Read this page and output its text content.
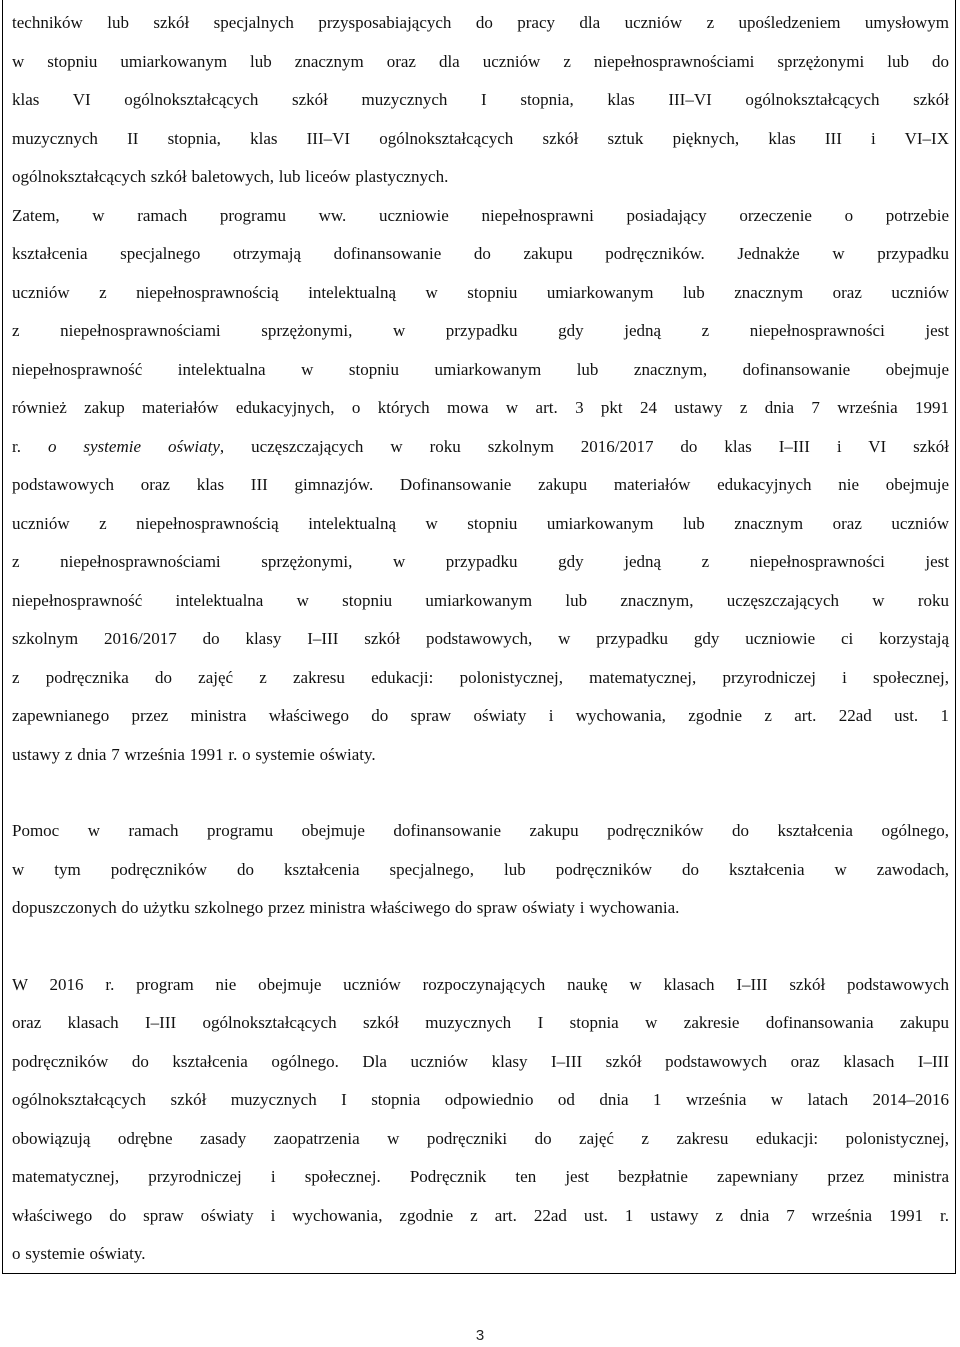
techników lub szkół specjalnych przysposabiających do pracy dla uczniów z upośledzeniem umysłowym
w stopniu umiarkowanym lub znacznym oraz dla uczniów z niepełnosprawnościami sprzężonymi lub do
klas VI ogólnokształcących szkół muzycznych I stopnia, klas III–VI ogólnokształcących szkół
muzycznych II stopnia, klas III–VI ogólnokształcących szkół sztuk pięknych, klas III i VI–IX
ogólnokształcących szkół baletowych, lub liceów plastycznych.
Zatem, w ramach programu ww. uczniowie niepełnosprawni posiadający orzeczenie o potrzebie
kształcenia specjalnego otrzymają dofinansowanie do zakupu podręczników. Jednakże w przypadku
uczniów z niepełnosprawnością intelektualną w stopniu umiarkowanym lub znacznym oraz uczniów
z niepełnosprawnościami sprzężonymi, w przypadku gdy jedną z niepełnosprawności jest
niepełnosprawność intelektualna w stopniu umiarkowanym lub znacznym, dofinansowanie obejmuje
również zakup materiałów edukacyjnych, o których mowa w art. 3 pkt 24 ustawy z dnia 7 września 1991
r. o systemie oświaty, uczęszczających w roku szkolnym 2016/2017 do klas I–III i VI szkół
podstawowych oraz klas III gimnazjów. Dofinansowanie zakupu materiałów edukacyjnych nie obejmuje
uczniów z niepełnosprawnością intelektualną w stopniu umiarkowanym lub znacznym oraz uczniów
z niepełnosprawnościami sprzężonymi, w przypadku gdy jedną z niepełnosprawności jest
niepełnosprawność intelektualna w stopniu umiarkowanym lub znacznym, uczęszczających w roku
szkolnym 2016/2017 do klasy I–III szkół podstawowych, w przypadku gdy uczniowie ci korzystają
z podręcznika do zajęć z zakresu edukacji: polonistycznej, matematycznej, przyrodniczej i społecznej,
zapewnianego przez ministra właściwego do spraw oświaty i wychowania, zgodnie z art. 22ad ust. 1
ustawy z dnia 7 września 1991 r. o systemie oświaty.
Pomoc w ramach programu obejmuje dofinansowanie zakupu podręczników do kształcenia ogólnego,
w tym podręczników do kształcenia specjalnego, lub podręczników do kształcenia w zawodach,
dopuszczonych do użytku szkolnego przez ministra właściwego do spraw oświaty i wychowania.
W 2016 r. program nie obejmuje uczniów rozpoczynających naukę w klasach I–III szkół podstawowych
oraz klasach I–III ogólnokształcących szkół muzycznych I stopnia w zakresie dofinansowania zakupu
podręczników do kształcenia ogólnego. Dla uczniów klasy I–III szkół podstawowych oraz klasach I–III
ogólnokształcących szkół muzycznych I stopnia odpowiednio od dnia 1 września w latach 2014–2016
obowiązują odrębne zasady zaopatrzenia w podręczniki do zajęć z zakresu edukacji: polonistycznej,
matematycznej, przyrodniczej i społecznej. Podręcznik ten jest bezpłatnie zapewniany przez ministra
właściwego do spraw oświaty i wychowania, zgodnie z art. 22ad ust. 1 ustawy z dnia 7 września 1991 r.
o systemie oświaty.
3
